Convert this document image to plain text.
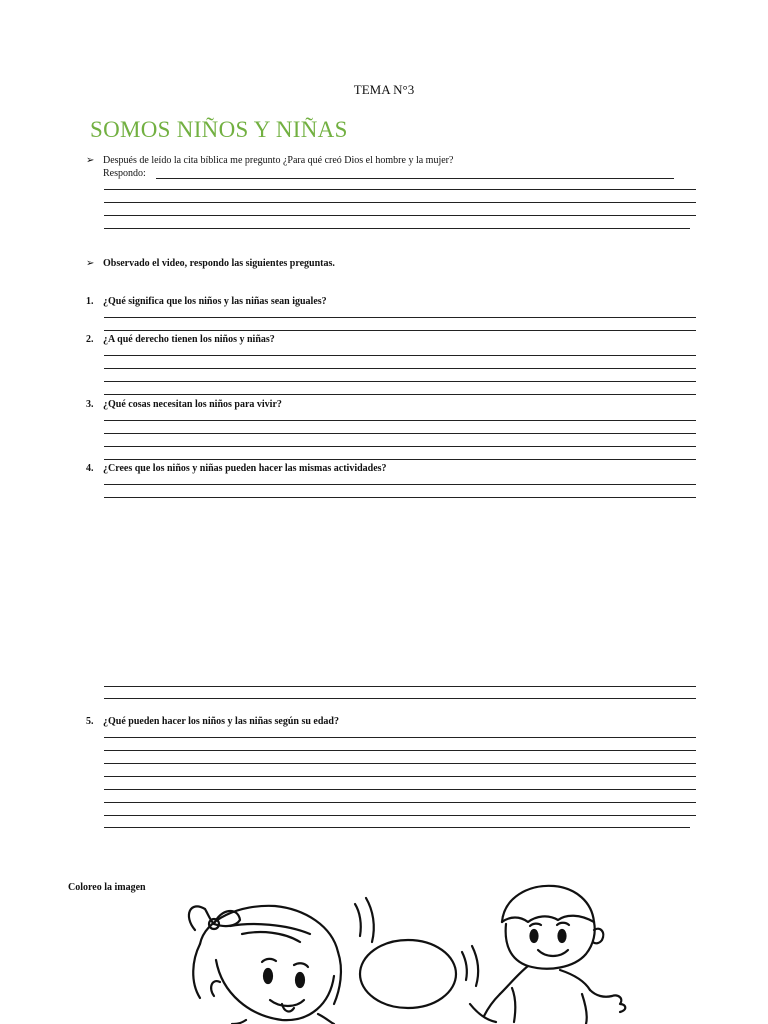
TEMA N°3
SOMOS NIÑOS Y NIÑAS
➢ Después de leído la cita bíblica me pregunto ¿Para qué creó Dios el hombre y la mujer?
Respondo:
➢ Observado el video, respondo las siguientes preguntas.
1. ¿Qué significa que los niños y las niñas sean iguales?
2. ¿A qué derecho tienen los niños y niñas?
3. ¿Qué cosas necesitan los niños para vivir?
4. ¿Crees que los niños y niñas pueden hacer las mismas actividades?
5. ¿Qué pueden hacer los niños y las niñas según su edad?
Coloreo la imagen
